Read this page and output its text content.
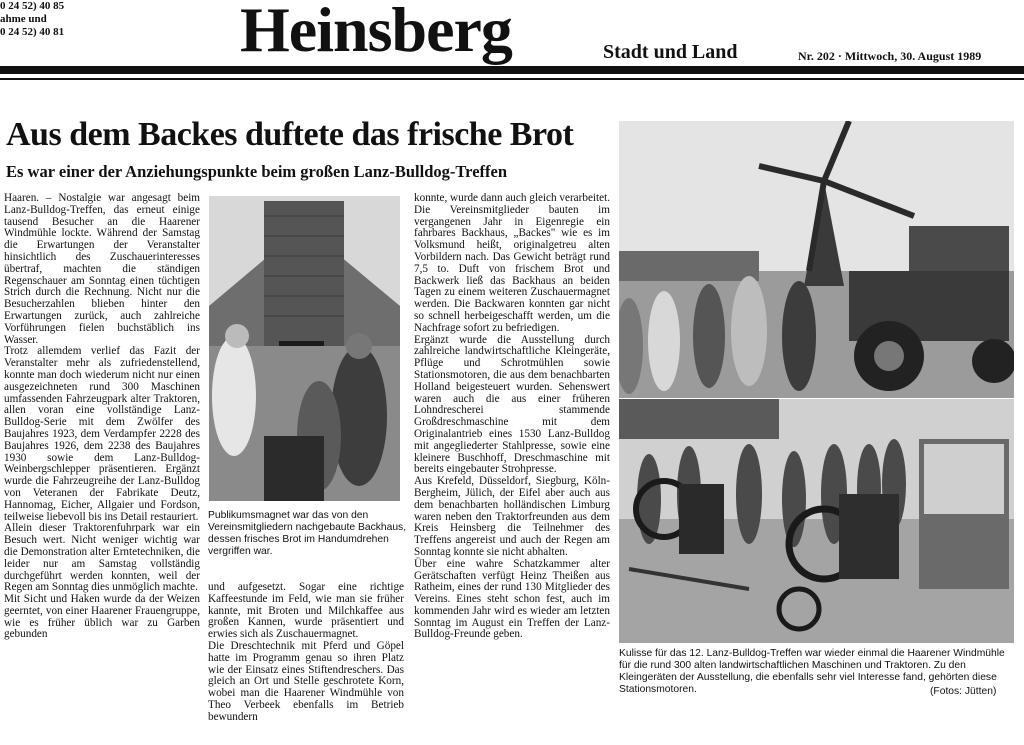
0 24 52) 40 85
ahme und
0 24 52) 40 81	Heinsberg	Stadt und Land	Nr. 202 · Mittwoch, 30. August 1989
Aus dem Backes duftete das frische Brot
Es war einer der Anziehungspunkte beim großen Lanz-Bulldog-Treffen
Haaren. – Nostalgie war angesagt beim Lanz-Bulldog-Treffen, das erneut einige tausend Besucher an die Haarener Windmühle lockte. Während der Samstag die Erwartungen der Veranstalter hinsichtlich des Zuschauerinteresses übertraf, machten die ständigen Regenschauer am Sonntag einen tüchtigen Strich durch die Rechnung. Nicht nur die Besucherzahlen blieben hinter den Erwartungen zurück, auch zahlreiche Vorführungen fielen buchstäblich ins Wasser.
Trotz allemdem verlief das Fazit der Veranstalter mehr als zufriedenstellend, konnte man doch wiederum nicht nur einen ausgezeichneten rund 300 Maschinen umfassenden Fahrzeugpark alter Traktoren, allen voran eine vollständige Lanz-Bulldog-Serie mit dem Zwölfer des Baujahres 1923, dem Verdampfer 2228 des Baujahres 1926, dem 2238 des Baujahres 1930 sowie dem Lanz-Bulldog-Weinbergschlepper präsentieren. Ergänzt wurde die Fahrzeugreihe der Lanz-Bulldog von Veteranen der Fabrikate Deutz, Hannomag, Eicher, Allgaier und Fordson, teilweise liebevoll bis ins Detail restauriert.
Allein dieser Traktorenfuhrpark war ein Besuch wert. Nicht weniger wichtig war die Demonstration alter Erntetechniken, die leider nur am Samstag vollständig durchgeführt werden konnten, weil der Regen am Sonntag dies unmöglich machte.
Mit Sicht und Haken wurde da der Weizen geerntet, von einer Haarener Frauengruppe, wie es früher üblich war zu Garben gebunden
und aufgesetzt. Sogar eine richtige Kaffeestunde im Feld, wie man sie früher kannte, mit Broten und Milchkaffee aus großen Kannen, wurde präsentiert und erwies sich als Zuschauermagnet.
Die Dreschtechnik mit Pferd und Göpel hatte im Programm genau so ihren Platz wie der Einsatz eines Stiftendreschers. Das gleich an Ort und Stelle geschrotete Korn, wobei man die Haarener Windmühle von Theo Verbeek ebenfalls im Betrieb bewundern
konnte, wurde dann auch gleich verarbeitet. Die Vereinsmitglieder bauten im vergangenen Jahr in Eigenregie ein fahrbares Backhaus, „Backes" wie es im Volksmund heißt, originalgetreu alten Vorbildern nach. Das Gewicht beträgt rund 7,5 to. Duft von frischem Brot und Backwerk ließ das Backhaus an beiden Tagen zu einem weiteren Zuschauermagnet werden. Die Backwaren konnten gar nicht so schnell herbeigeschafft werden, um die Nachfrage sofort zu befriedigen.
Ergänzt wurde die Ausstellung durch zahlreiche landwirtschaftliche Kleingeräte, Pflüge und Schrotmühlen sowie Stationsmotoren, die aus dem benachbarten Holland beigesteuert wurden. Sehenswert waren auch die aus einer früheren Lohndrescherei stammende Großdreschmaschine mit dem Originalantrieb eines 1530 Lanz-Bulldog mit angegliederter Stahlpresse, sowie eine kleinere Buschhoff, Dreschmaschine mit bereits eingebauter Strohpresse.
Aus Krefeld, Düsseldorf, Siegburg, Köln-Bergheim, Jülich, der Eifel aber auch aus dem benachbarten holländischen Limburg waren neben den Traktorfreunden aus dem Kreis Heinsberg die Teilnehmer des Treffens angereist und auch der Regen am Sonntag konnte sie nicht abhalten.
Über eine wahre Schatzkammer alter Gerätschaften verfügt Heinz Theißen aus Ratheim, eines der rund 130 Mitglieder des Vereins. Eines steht schon fest, auch im kommenden Jahr wird es wieder am letzten Sonntag im August ein Treffen der Lanz-Bulldog-Freunde geben.
Publikumsmagnet war das von den Vereinsmitgliedern nachgebaute Backhaus, dessen frisches Brot im Handumdrehen vergriffen war.
Kulisse für das 12. Lanz-Bulldog-Treffen war wieder einmal die Haarener Windmühle für die rund 300 alten landwirtschaftlichen Maschinen und Traktoren. Zu den Kleingeräten der Ausstellung, die ebenfalls sehr viel Interesse fand, gehörten diese Stationsmotoren.	(Fotos: Jütten)
